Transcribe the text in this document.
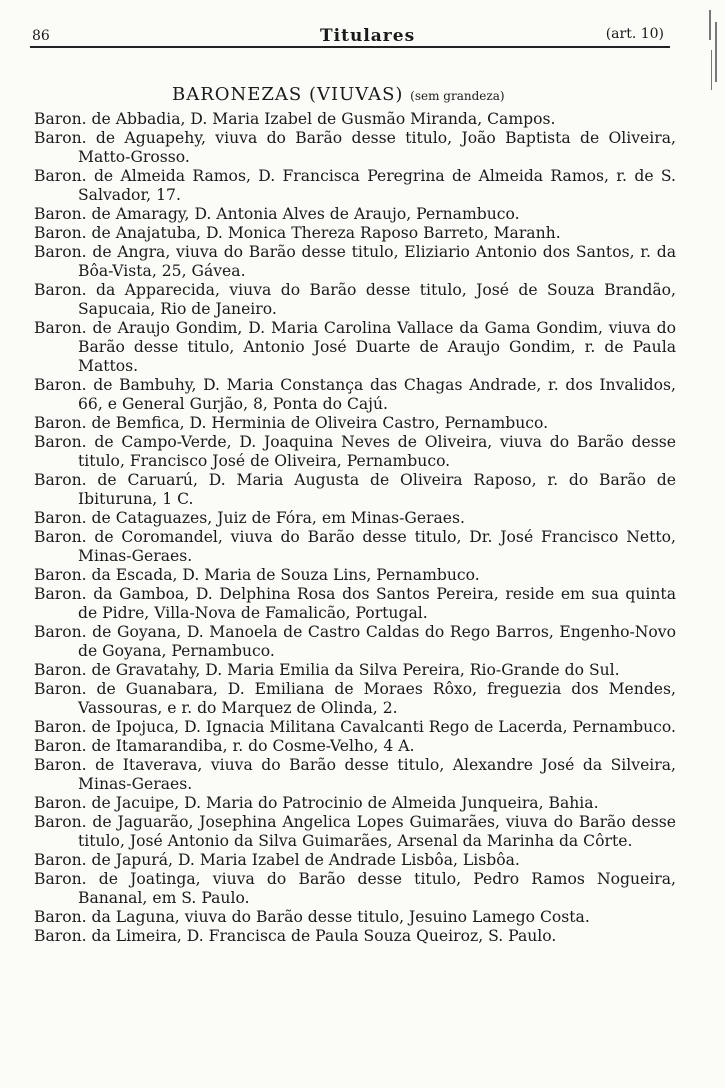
86	Titulares	(art. 10)
BARONEZAS (VIUVAS) (sem grandeza)

Baron. de Abbadia, D. Maria Izabel de Gusmão Miranda, Campos.

Baron. de Aguapehy, viuva do Barão desse titulo, João Baptista de Oliveira, Matto-Grosso.

Baron. de Almeida Ramos, D. Francisca Peregrina de Almeida Ramos, r. de S. Salvador, 17.

Baron. de Amaragy, D. Antonia Alves de Araujo, Pernambuco.

Baron. de Anajatuba, D. Monica Thereza Raposo Barreto, Maranh.

Baron. de Angra, viuva do Barão desse titulo, Eliziario Antonio dos Santos, r. da Bôa-Vista, 25, Gávea.

Baron. da Apparecida, viuva do Barão desse titulo, José de Souza Brandão, Sapucaia, Rio de Janeiro.

Baron. de Araujo Gondim, D. Maria Carolina Vallace da Gama Gondim, viuva do Barão desse titulo, Antonio José Duarte de Araujo Gondim, r. de Paula Mattos.

Baron. de Bambuhy, D. Maria Constança das Chagas Andrade, r. dos Invalidos, 66, e General Gurjão, 8, Ponta do Cajú.

Baron. de Bemfica, D. Herminia de Oliveira Castro, Pernambuco.

Baron. de Campo-Verde, D. Joaquina Neves de Oliveira, viuva do Barão desse titulo, Francisco José de Oliveira, Pernambuco.

Baron. de Caruarú, D. Maria Augusta de Oliveira Raposo, r. do Barão de Ibituruna, 1 C.

Baron. de Cataguazes, Juiz de Fóra, em Minas-Geraes.

Baron. de Coromandel, viuva do Barão desse titulo, Dr. José Francisco Netto, Minas-Geraes.

Baron. da Escada, D. Maria de Souza Lins, Pernambuco.

Baron. da Gamboa, D. Delphina Rosa dos Santos Pereira, reside em sua quinta de Pidre, Villa-Nova de Famalicão, Portugal.

Baron. de Goyana, D. Manoela de Castro Caldas do Rego Barros, Engenho-Novo de Goyana, Pernambuco.

Baron. de Gravatahy, D. Maria Emilia da Silva Pereira, Rio-Grande do Sul.

Baron. de Guanabara, D. Emiliana de Moraes Rôxo, freguezia dos Mendes, Vassouras, e r. do Marquez de Olinda, 2.

Baron. de Ipojuca, D. Ignacia Militana Cavalcanti Rego de Lacerda, Pernambuco.

Baron. de Itamarandiba, r. do Cosme-Velho, 4 A.

Baron. de Itaverava, viuva do Barão desse titulo, Alexandre José da Silveira, Minas-Geraes.

Baron. de Jacuipe, D. Maria do Patrocinio de Almeida Junqueira, Bahia.

Baron. de Jaguarão, Josephina Angelica Lopes Guimarães, viuva do Barão desse titulo, José Antonio da Silva Guimarães, Arsenal da Marinha da Côrte.

Baron. de Japurá, D. Maria Izabel de Andrade Lisbôa, Lisbôa.

Baron. de Joatinga, viuva do Barão desse titulo, Pedro Ramos Nogueira, Bananal, em S. Paulo.

Baron. da Laguna, viuva do Barão desse titulo, Jesuino Lamego Costa.

Baron. da Limeira, D. Francisca de Paula Souza Queiroz, S. Paulo.
